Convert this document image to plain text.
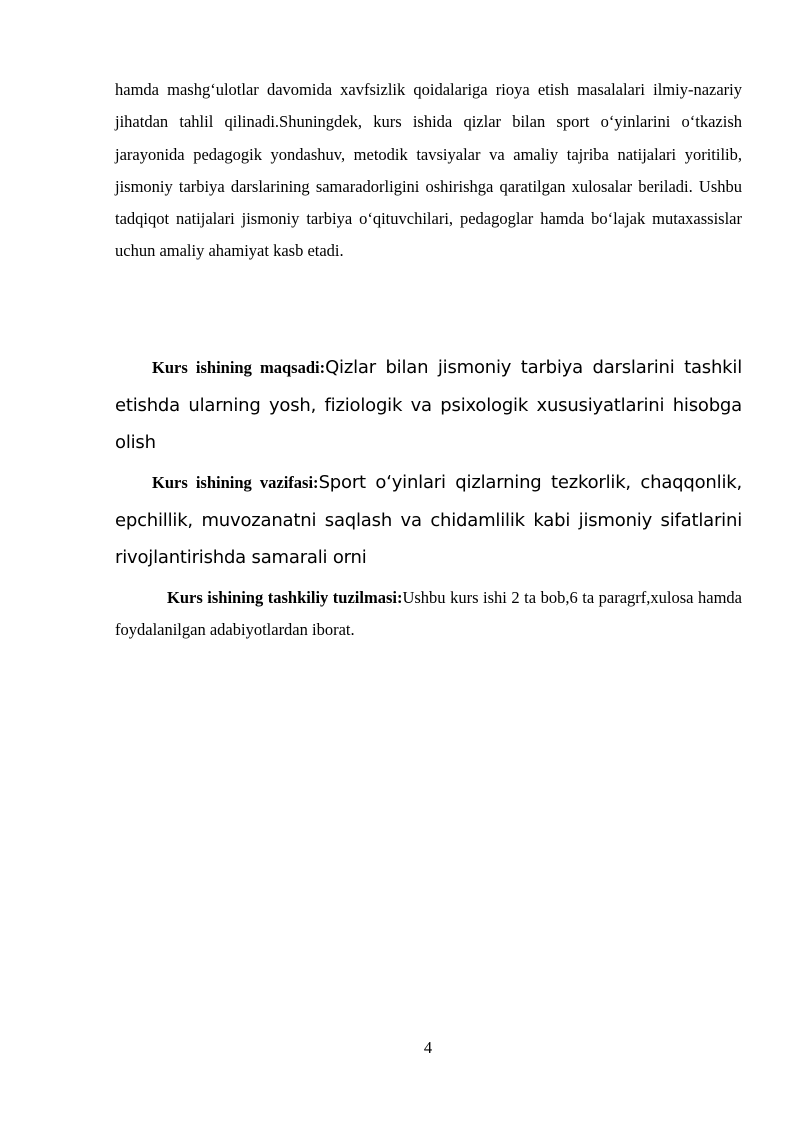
hamda mashg‘ulotlar davomida xavfsizlik qoidalariga rioya etish masalalari ilmiy-nazariy jihatdan tahlil qilinadi.Shuningdek, kurs ishida qizlar bilan sport o‘yinlarini o‘tkazish jarayonida pedagogik yondashuv, metodik tavsiyalar va amaliy tajriba natijalari yoritilib, jismoniy tarbiya darslarining samaradorligini oshirishga qaratilgan xulosalar beriladi. Ushbu tadqiqot natijalari jismoniy tarbiya o‘qituvchilari, pedagoglar hamda bo‘lajak mutaxassislar uchun amaliy ahamiyat kasb etadi.

Kurs ishining maqsadi:Qizlar bilan jismoniy tarbiya darslarini tashkil etishda ularning yosh, fiziologik va psixologik xususiyatlarini hisobga olish

Kurs ishining vazifasi:Sport o‘yinlari qizlarning tezkorlik, chaqqonlik, epchillik, muvozanatni saqlash va chidamlilik kabi jismoniy sifatlarini rivojlantirishda samarali orni

Kurs ishining tashkiliy tuzilmasi:Ushbu kurs ishi 2 ta bob,6 ta paragrf,xulosa hamda foydalanilgan adabiyotlardan iborat.

4
